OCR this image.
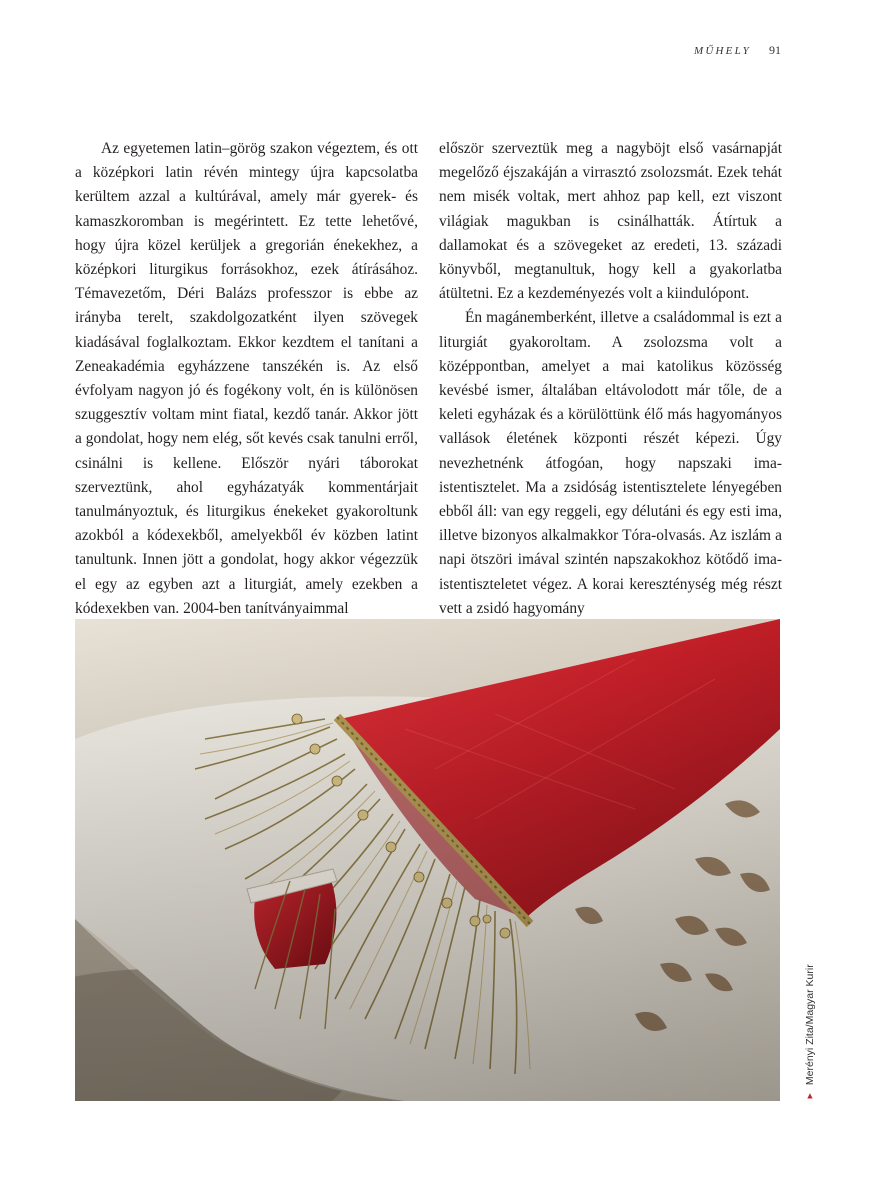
MŰHELY 91

Az egyetemen latin–görög szakon végeztem, és ott a középkori latin révén mintegy újra kapcsolatba kerültem azzal a kultúrával, amely már gyerek- és kamaszkoromban is megérintett. Ez tette lehetővé, hogy újra közel kerüljek a gregorián énekekhez, a középkori liturgikus forrásokhoz, ezek átírásához. Témavezetőm, Déri Balázs professzor is ebbe az irányba terelt, szakdolgozatként ilyen szövegek kiadásával foglalkoztam. Ekkor kezdtem el tanítani a Zeneakadémia egyházzene tanszékén is. Az első évfolyam nagyon jó és fogékony volt, én is különösen szuggesztív voltam mint fiatal, kezdő tanár. Akkor jött a gondolat, hogy nem elég, sőt kevés csak tanulni erről, csinálni is kellene. Először nyári táborokat szerveztünk, ahol egyházatyák kommentárjait tanulmányoztuk, és liturgikus énekeket gyakoroltunk azokból a kódexekből, amelyekből év közben latint tanultunk. Innen jött a gondolat, hogy akkor végezzük el egy az egyben azt a liturgiát, amely ezekben a kódexekben van. 2004-ben tanítványaimmal

először szerveztük meg a nagyböjt első vasárnapját megelőző éjszakáján a virrasztó zsolozsmát. Ezek tehát nem misék voltak, mert ahhoz pap kell, ezt viszont világiak magukban is csinálhatták. Átírtuk a dallamokat és a szövegeket az eredeti, 13. századi könyvből, megtanultuk, hogy kell a gyakorlatba átültetni. Ez a kezdeményezés volt a kiindulópont.

Én magánemberként, illetve a családommal is ezt a liturgiát gyakoroltam. A zsolozsma volt a középpontban, amelyet a mai katolikus közösség kevésbé ismer, általában eltávolodott már tőle, de a keleti egyházak és a körülöttünk élő más hagyományos vallások életének központi részét képezi. Úgy nevezhetnénk átfogóan, hogy napszaki ima-istentisztelet. Ma a zsidóság istentisztelete lényegében ebből áll: van egy reggeli, egy délutáni és egy esti ima, illetve bizonyos alkalmakkor Tóra-olvasás. Az iszlám a napi ötszöri imával szintén napszakokhoz kötődő ima-istentiszteletet végez. A korai kereszténység még részt vett a zsidó hagyomány

▲
Merényi Zita/Magyar Kurir
